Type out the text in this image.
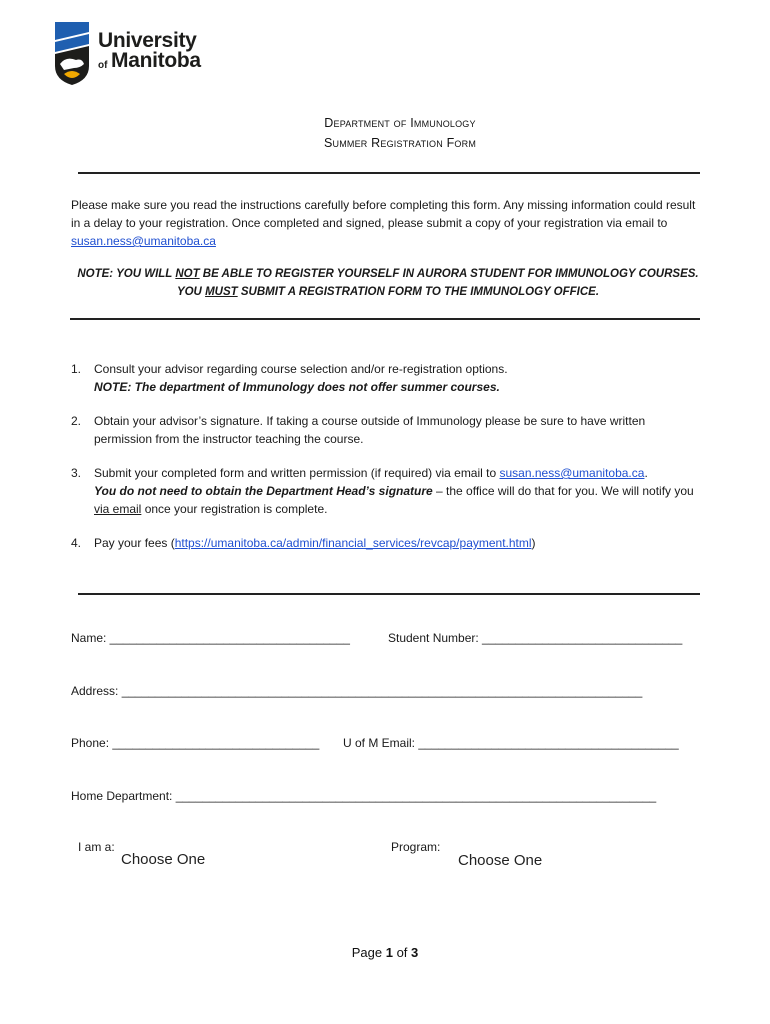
University
of Manitoba
Department of Immunology
Summer Registration Form
Please make sure you read the instructions carefully before completing this form. Any missing information could result in a delay to your registration. Once completed and signed, please submit a copy of your registration via email to susan.ness@umanitoba.ca
NOTE: YOU WILL NOT BE ABLE TO REGISTER YOURSELF IN AURORA STUDENT FOR IMMUNOLOGY COURSES.
YOU MUST SUBMIT A REGISTRATION FORM TO THE IMMUNOLOGY OFFICE.
1. Consult your advisor regarding course selection and/or re-registration options.
NOTE: The department of Immunology does not offer summer courses.
2. Obtain your advisor’s signature. If taking a course outside of Immunology please be sure to have written permission from the instructor teaching the course.
3. Submit your completed form and written permission (if required) via email to susan.ness@umanitoba.ca.
You do not need to obtain the Department Head’s signature – the office will do that for you. We will notify you via email once your registration is complete.
4. Pay your fees (https://umanitoba.ca/admin/financial_services/revcap/payment.html)
Name: ____________________________________	Student Number: ______________________________
Address: ______________________________________________________________________________
Phone: _______________________________ U of M Email: _______________________________________
Home Department: ________________________________________________________________________
I am a:
Choose One
Program:
Choose One
Page 1 of 3
